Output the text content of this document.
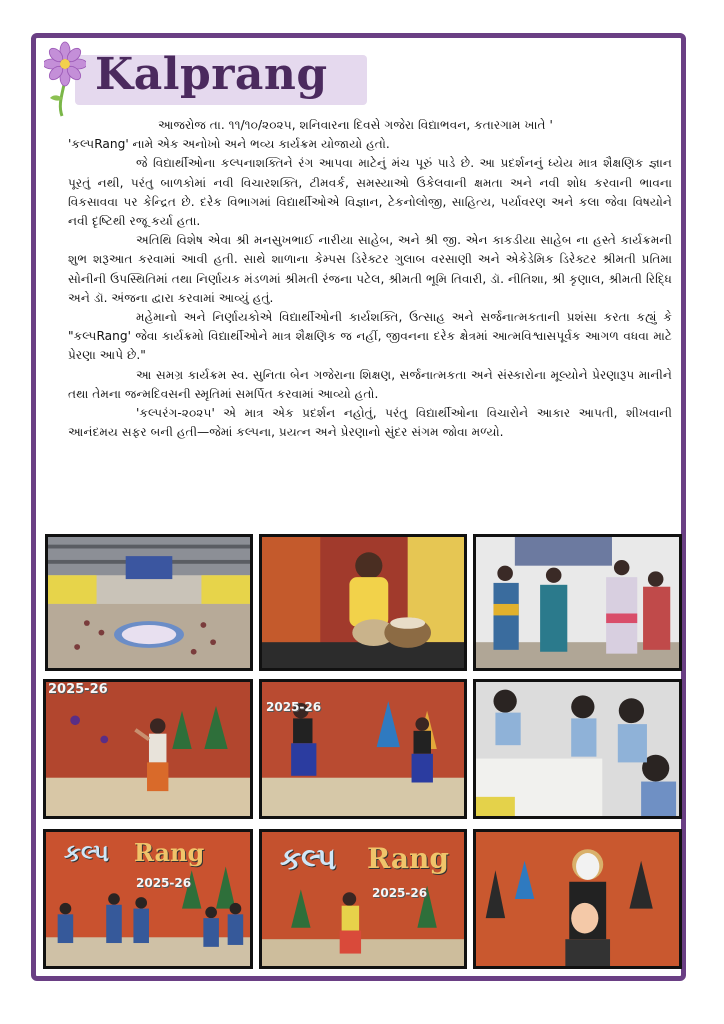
Kalprang

આજરોજ તા. ૧૧/૧૦/૨૦૨૫, શનિવારના દિવસે ગજેરા વિદ્યાભવન, કતારગામ ખાતે '

'કલ્પRang' નામે એક અનોખો અને ભવ્ય કાર્યક્રમ યોજાયો હતો.

જે વિદ્યાર્થીઓના કલ્પનાશક્તિને રંગ આપવા માટેનું મંચ પૂરું પાડે છે. આ પ્રદર્શનનું ધ્યેય માત્ર શૈક્ષણિક જ્ઞાન પૂરતું નથી, પરંતુ બાળકોમાં નવી વિચારશક્તિ, ટીમવર્ક, સમસ્યાઓ ઉકેલવાની ક્ષમતા અને નવી શોધ કરવાની ભાવના વિકસાવવા પર કેન્દ્રિત છે. દરેક વિભાગમાં વિદ્યાર્થીઓએ વિજ્ઞાન, ટેકનોલોજી, સાહિત્ય, પર્યાવરણ અને કલા જેવા વિષયોને નવી દૃષ્ટિથી રજૂ કર્યા હતા.

અતિથિ વિશેષ એવા શ્રી મનસુખભાઈ નારીયા સાહેબ, અને શ્રી જી. એન કાકડીયા સાહેબ ના હસ્તે કાર્યક્રમની શુભ શરૂઆત કરવામાં આવી હતી. સાથે શાળાના કેમ્પસ ડિરેક્ટર ગુલાબ વરસાણી અને એકેડેમિક ડિરેક્ટર શ્રીમતી પ્રતિમા સોનીની ઉપસ્થિતિમાં તથા નિર્ણાયક મંડળમાં શ્રીમતી રંજના પટેલ, શ્રીમતી ભૂમિ તિવારી, ડૉ. નીતિશા, શ્રી કૃણાલ, શ્રીમતી રિદ્ધિ અને ડૉ. અંજના દ્વારા કરવામાં આવ્યું હતું.

મહેમાનો અને નિર્ણાયકોએ વિદ્યાર્થીઓની કાર્યશક્તિ, ઉત્સાહ અને સર્જનાત્મકતાની પ્રશંસા કરતા કહ્યું કે "કલ્પRang' જેવા કાર્યક્રમો વિદ્યાર્થીઓને માત્ર શૈક્ષણિક જ નહીં, જીવનના દરેક ક્ષેત્રમાં આત્મવિશ્વાસપૂર્વક આગળ વધવા માટે પ્રેરણા આપે છે."

આ સમગ્ર કાર્યક્રમ સ્વ. સુનિતા બેન ગજેરાના શિક્ષણ, સર્જનાત્મકતા અને સંસ્કારોના મૂલ્યોને પ્રેરણારૂપ માનીને તથા તેમના જન્મદિવસની સ્મૃતિમાં સમર્પિત કરવામાં આવ્યો હતો.

'કલ્પરંગ-૨૦૨૫' એ માત્ર એક પ્રદર્શન નહોતું, પરંતુ વિદ્યાર્થીઓના વિચારોને આકાર આપતી, શીખવાની આનંદમય સફર બની હતી—જેમાં કલ્પના, પ્રયત્ન અને પ્રેરણાનો સુંદર સંગમ જોવા મળ્યો.

2025-26
2025-26
કલ્પ Rang
2025-26
કલ્પ Rang
2025-26
